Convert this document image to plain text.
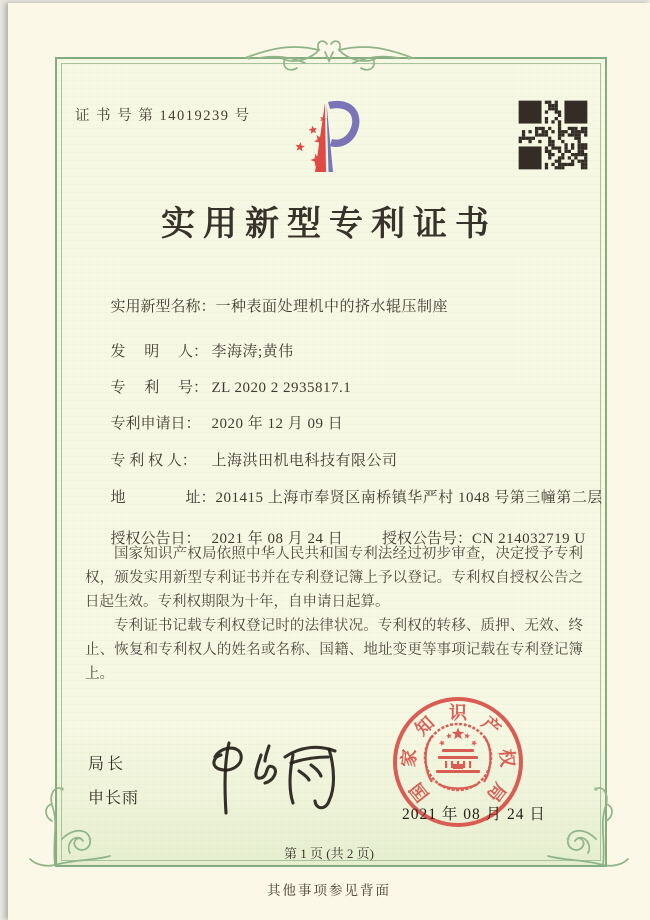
证 书 号 第 14019239 号
实用新型专利证书

实用新型名称：一种表面处理机中的挤水辊压制座

发　 明　 人： 李海涛;黄伟

专　 利　 号： ZL 2020 2 2935817.1

专利申请日： 2020 年 12 月 09 日

专 利 权 人： 上海洪田机电科技有限公司

地　　　　址：201415 上海市奉贤区南桥镇华严村 1048 号第三幢第二层

授权公告日： 2021 年 08 月 24 日
	授权公告号：CN 214032719 U

国家知识产权局依照中华人民共和国专利法经过初步审查，决定授予专利权，颁发实用新型专利证书并在专利登记簿上予以登记。专利权自授权公告之日起生效。专利权期限为十年，自申请日起算。

专利证书记载专利权登记时的法律状况。专利权的转移、质押、无效、终止、恢复和专利权人的姓名或名称、国籍、地址变更等事项记载在专利登记簿上。

局长
申长雨	国
家
知 识 产
权
局
2021 年 08 月 24 日
第 1 页 (共 2 页)
其他事项参见背面
